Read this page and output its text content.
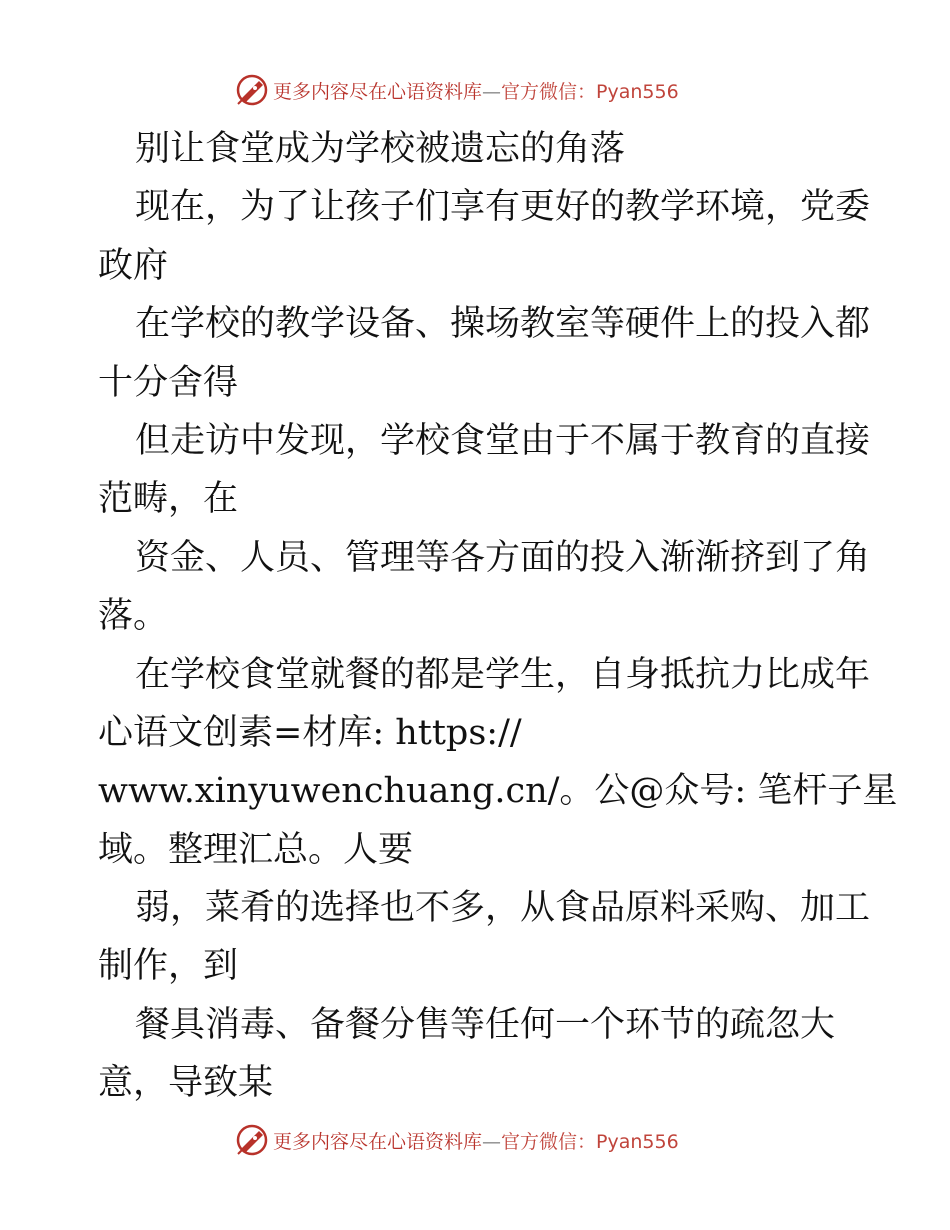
更多内容尽在心语资料库—官方微信：Pyan556
别让食堂成为学校被遗忘的角落
现在，为了让孩子们享有更好的教学环境，党委
政府
在学校的教学设备、操场教室等硬件上的投入都
十分舍得
但走访中发现，学校食堂由于不属于教育的直接
范畴，在
资金、人员、管理等各方面的投入渐渐挤到了角
落。
在学校食堂就餐的都是学生，自身抵抗力比成年
心语文创素=材库: https://
www.xinyuwenchuang.cn/。公@众号: 笔杆子星
域。整理汇总。人要
弱，菜肴的选择也不多，从食品原料采购、加工
制作，到
餐具消毒、备餐分售等任何一个环节的疏忽大
意，导致某
更多内容尽在心语资料库—官方微信：Pyan556
